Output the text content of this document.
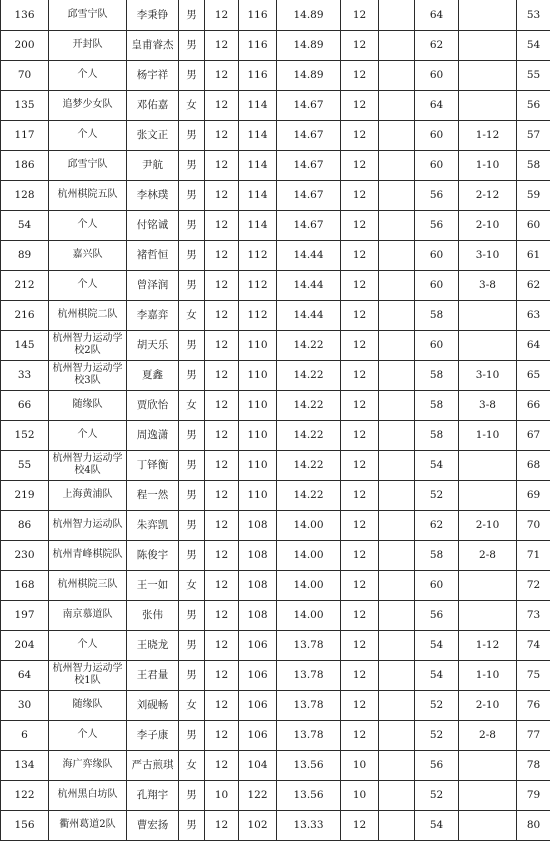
136	邱雪宁队	李秉铮	男	12	116	14.89	12		64		53
200	开封队	皇甫睿杰	男	12	116	14.89	12		62		54
70	个人	杨宇祥	男	12	116	14.89	12		60		55
135	追梦少女队	邓佑嘉	女	12	114	14.67	12		64		56
117	个人	张文正	男	12	114	14.67	12		60	1-12	57
186	邱雪宁队	尹航	男	12	114	14.67	12		60	1-10	58
128	杭州棋院五队	李林璞	男	12	114	14.67	12		56	2-12	59
54	个人	付铭诚	男	12	114	14.67	12		56	2-10	60
89	嘉兴队	褚哲恒	男	12	112	14.44	12		60	3-10	61
212	个人	曾泽润	男	12	112	14.44	12		60	3-8	62
216	杭州棋院二队	李嘉弈	女	12	112	14.44	12		58		63
145	杭州智力运动学校2队	胡天乐	男	12	110	14.22	12		60		64
33	杭州智力运动学校3队	夏鑫	男	12	110	14.22	12		58	3-10	65
66	随缘队	贾欣怡	女	12	110	14.22	12		58	3-8	66
152	个人	周逸潇	男	12	110	14.22	12		58	1-10	67
55	杭州智力运动学校4队	丁铎衡	男	12	110	14.22	12		54		68
219	上海黄浦队	程一然	男	12	110	14.22	12		52		69
86	杭州智力运动队	朱弈凯	男	12	108	14.00	12		62	2-10	70
230	杭州青峰棋院队	陈俊宇	男	12	108	14.00	12		58	2-8	71
168	杭州棋院三队	王一如	女	12	108	14.00	12		60		72
197	南京慕道队	张伟	男	12	108	14.00	12		56		73
204	个人	王晓龙	男	12	106	13.78	12		54	1-12	74
64	杭州智力运动学校1队	王君量	男	12	106	13.78	12		54	1-10	75
30	随缘队	刘砚畅	女	12	106	13.78	12		52	2-10	76
6	个人	李子康	男	12	106	13.78	12		52	2-8	77
134	海广弈缘队	严古煎琪	女	12	104	13.56	10		56		78
122	杭州黑白坊队	孔翔宇	男	10	122	13.56	10		52		79
156	衢州葛道2队	曹宏扬	男	12	102	13.33	12		54		80
